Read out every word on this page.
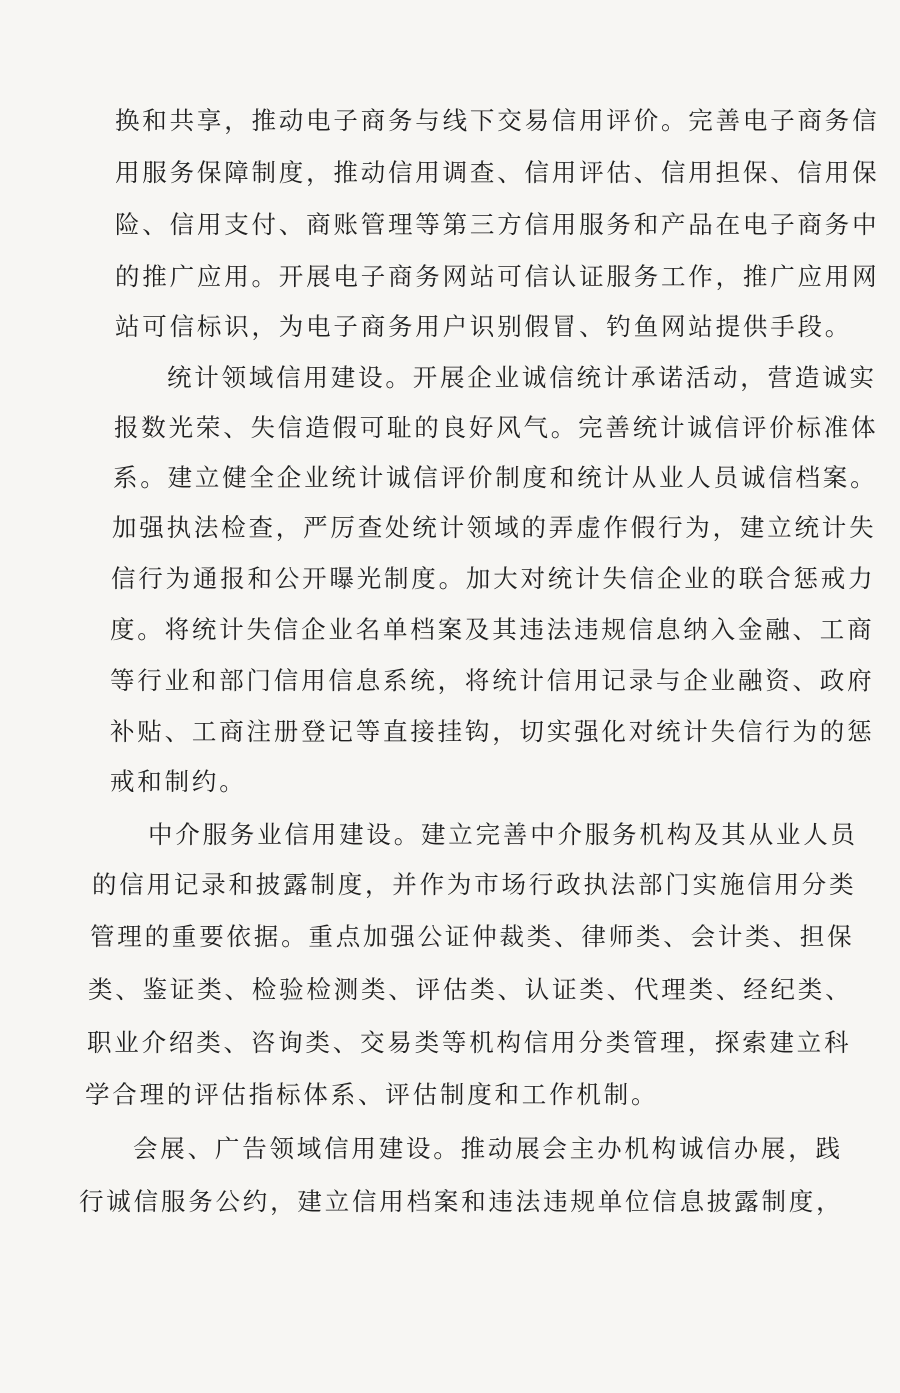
换和共享，推动电子商务与线下交易信用评价。完善电子商务信
用服务保障制度，推动信用调查、信用评估、信用担保、信用保
险、信用支付、商账管理等第三方信用服务和产品在电子商务中
的推广应用。开展电子商务网站可信认证服务工作，推广应用网
站可信标识，为电子商务用户识别假冒、钓鱼网站提供手段。
统计领域信用建设。开展企业诚信统计承诺活动，营造诚实
报数光荣、失信造假可耻的良好风气。完善统计诚信评价标准体
系。建立健全企业统计诚信评价制度和统计从业人员诚信档案。
加强执法检查，严厉查处统计领域的弄虚作假行为，建立统计失
信行为通报和公开曝光制度。加大对统计失信企业的联合惩戒力
度。将统计失信企业名单档案及其违法违规信息纳入金融、工商
等行业和部门信用信息系统，将统计信用记录与企业融资、政府
补贴、工商注册登记等直接挂钩，切实强化对统计失信行为的惩
戒和制约。
中介服务业信用建设。建立完善中介服务机构及其从业人员
的信用记录和披露制度，并作为市场行政执法部门实施信用分类
管理的重要依据。重点加强公证仲裁类、律师类、会计类、担保
类、鉴证类、检验检测类、评估类、认证类、代理类、经纪类、
职业介绍类、咨询类、交易类等机构信用分类管理，探索建立科
学合理的评估指标体系、评估制度和工作机制。
会展、广告领域信用建设。推动展会主办机构诚信办展，践
行诚信服务公约，建立信用档案和违法违规单位信息披露制度，
